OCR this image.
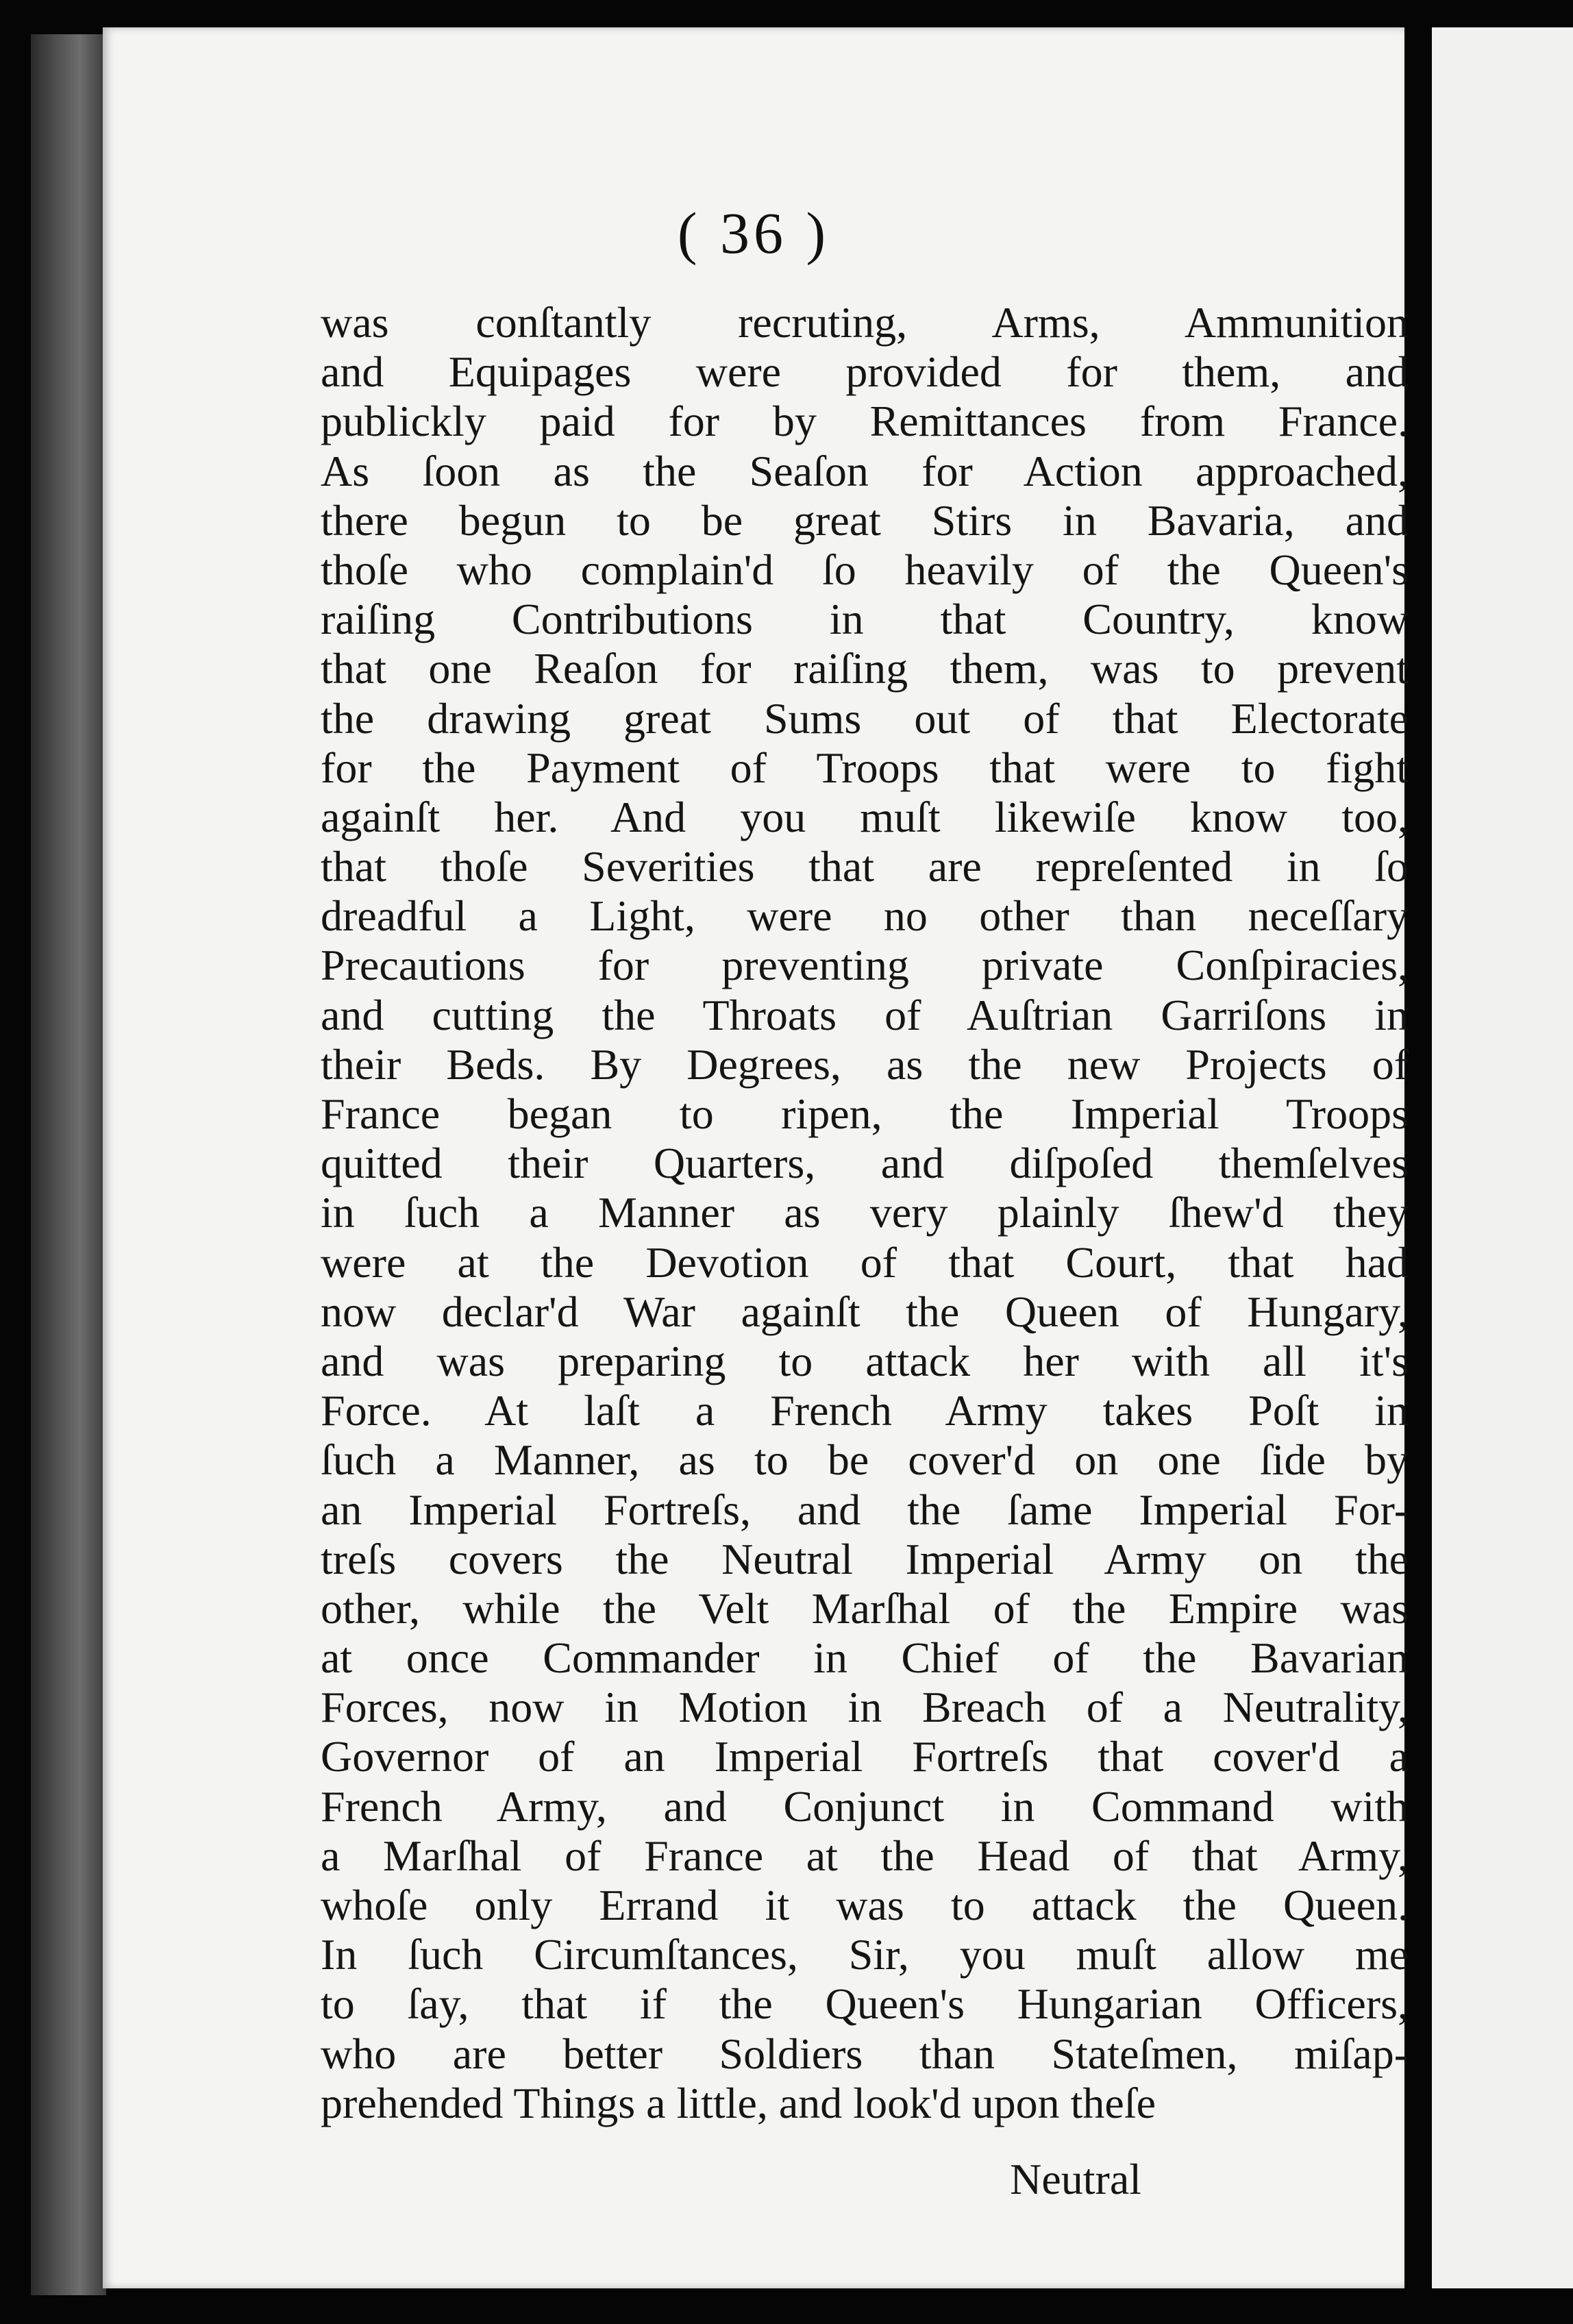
( 36 )
was conſtantly recruting, Arms, Ammunition
and Equipages were provided for them, and
publickly paid for by Remittances from France.
As ſoon as the Seaſon for Action approached,
there begun to be great Stirs in Bavaria, and
thoſe who complain'd ſo heavily of the Queen's
raiſing Contributions in that Country, know
that one Reaſon for raiſing them, was to prevent
the drawing great Sums out of that Electorate
for the Payment of Troops that were to fight
againſt her. And you muſt likewiſe know too,
that thoſe Severities that are repreſented in ſo
dreadful a Light, were no other than neceſſary
Precautions for preventing private Conſpiracies,
and cutting the Throats of Auſtrian Garriſons in
their Beds. By Degrees, as the new Projects of
France began to ripen, the Imperial Troops
quitted their Quarters, and diſpoſed themſelves
in ſuch a Manner as very plainly ſhew'd they
were at the Devotion of that Court, that had
now declar'd War againſt the Queen of Hungary,
and was preparing to attack her with all it's
Force. At laſt a French Army takes Poſt in
ſuch a Manner, as to be cover'd on one ſide by
an Imperial Fortreſs, and the ſame Imperial For-
treſs covers the Neutral Imperial Army on the
other, while the Velt Marſhal of the Empire was
at once Commander in Chief of the Bavarian
Forces, now in Motion in Breach of a Neutrality,
Governor of an Imperial Fortreſs that cover'd a
French Army, and Conjunct in Command with
a Marſhal of France at the Head of that Army,
whoſe only Errand it was to attack the Queen.
In ſuch Circumſtances, Sir, you muſt allow me
to ſay, that if the Queen's Hungarian Officers,
who are better Soldiers than Stateſmen, miſap-
prehended Things a little, and look'd upon theſe
Neutral
